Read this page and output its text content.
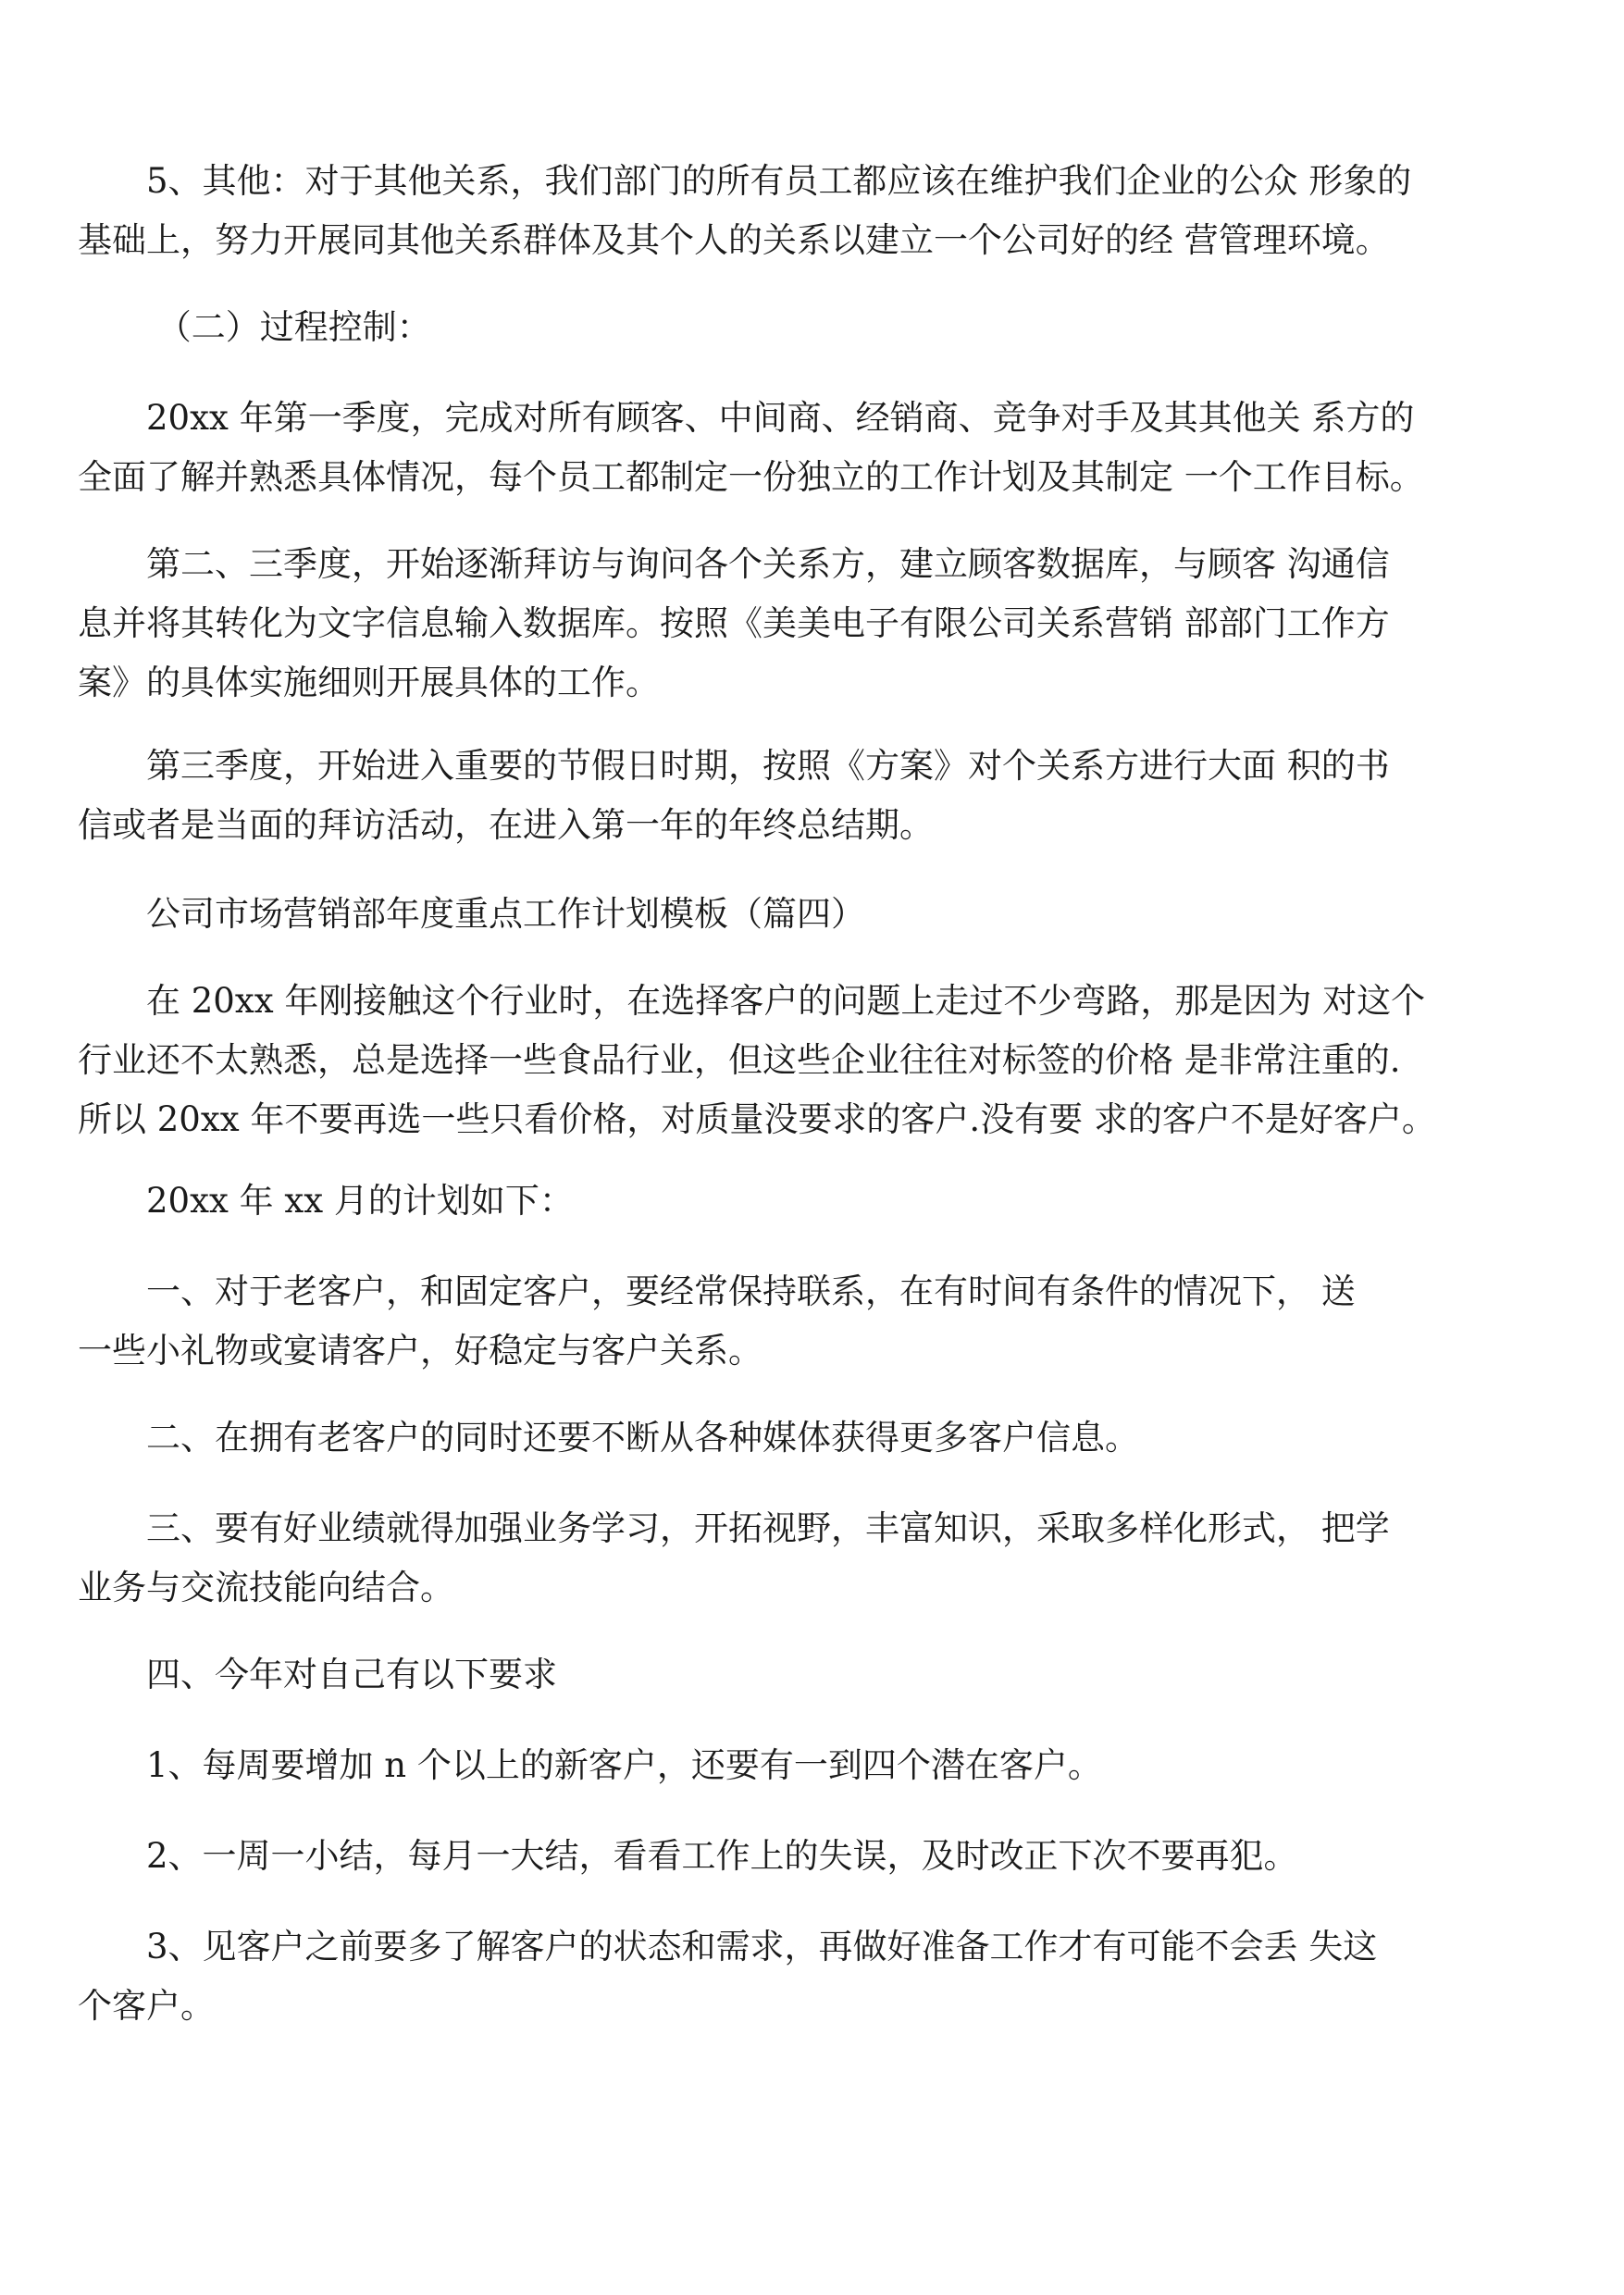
　　5、其他：对于其他关系，我们部门的所有员工都应该在维护我们企业的公众 形象的
基础上，努力开展同其他关系群体及其个人的关系以建立一个公司好的经 营管理环境。

　　 （二）过程控制：

　　20xx 年第一季度，完成对所有顾客、中间商、经销商、竞争对手及其其他关 系方的
全面了解并熟悉具体情况，每个员工都制定一份独立的工作计划及其制定 一个工作目标。

　　第二、三季度，开始逐渐拜访与询问各个关系方，建立顾客数据库，与顾客 沟通信
息并将其转化为文字信息输入数据库。按照《美美电子有限公司关系营销 部部门工作方
案》的具体实施细则开展具体的工作。

　　第三季度，开始进入重要的节假日时期，按照《方案》对个关系方进行大面 积的书
信或者是当面的拜访活动，在进入第一年的年终总结期。

　　公司市场营销部年度重点工作计划模板（篇四）

　　在 20xx 年刚接触这个行业时，在选择客户的问题上走过不少弯路，那是因为 对这个
行业还不太熟悉，总是选择一些食品行业，但这些企业往往对标签的价格 是非常注重的.
所以 20xx 年不要再选一些只看价格，对质量没要求的客户.没有要 求的客户不是好客户。

　　20xx 年 xx 月的计划如下：

　　一、对于老客户，和固定客户，要经常保持联系，在有时间有条件的情况下， 送
一些小礼物或宴请客户，好稳定与客户关系。

　　二、在拥有老客户的同时还要不断从各种媒体获得更多客户信息。

　　三、要有好业绩就得加强业务学习，开拓视野，丰富知识，采取多样化形式， 把学
业务与交流技能向结合。

　　四、今年对自己有以下要求

　　1、每周要增加 n 个以上的新客户，还要有一到四个潜在客户。

　　2、一周一小结，每月一大结，看看工作上的失误，及时改正下次不要再犯。

　　3、见客户之前要多了解客户的状态和需求，再做好准备工作才有可能不会丢 失这
个客户。
